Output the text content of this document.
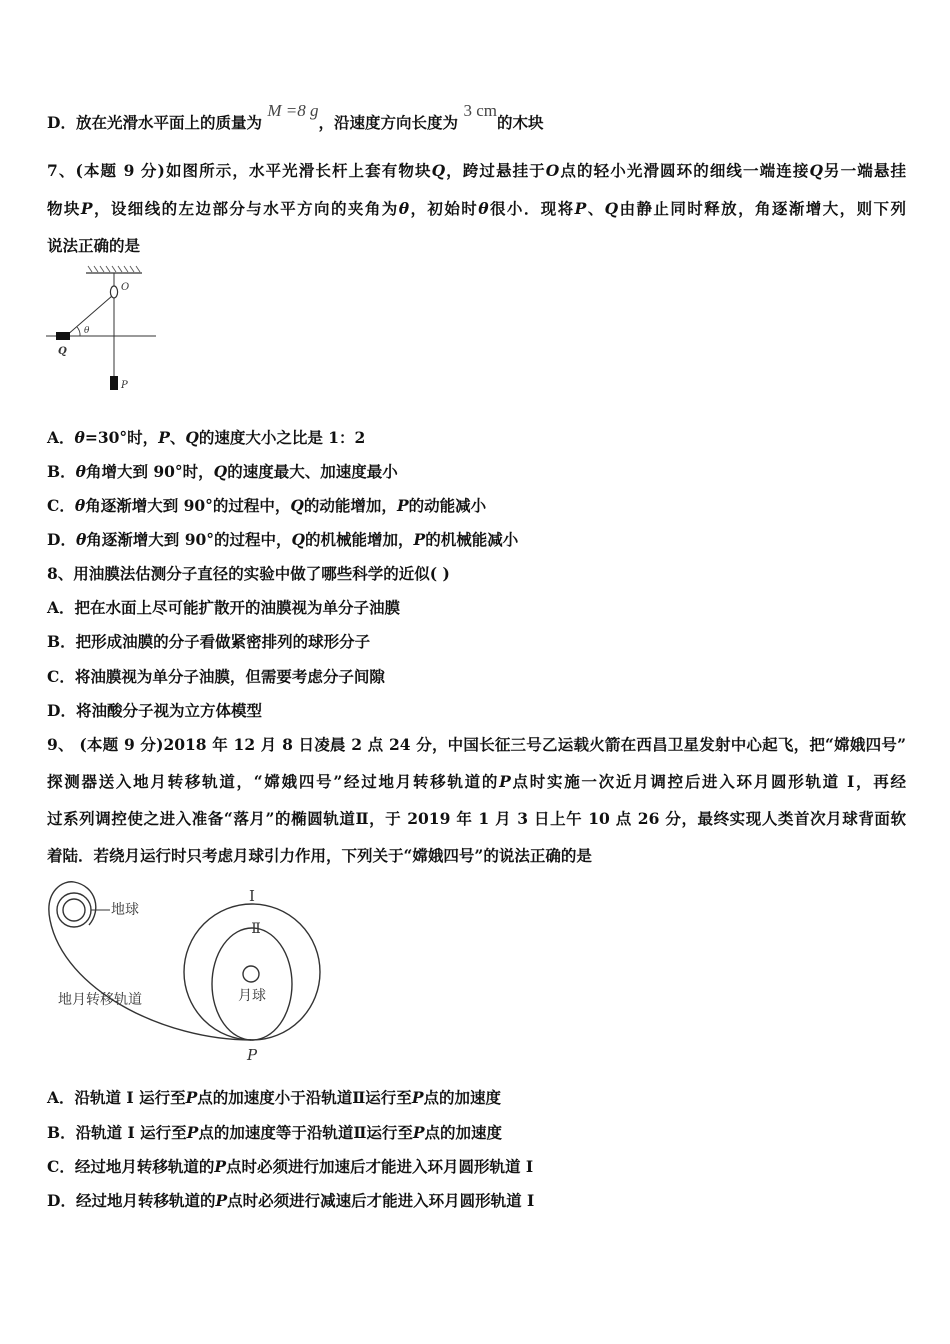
D．放在光滑水平面上的质量为 M =8 g，沿速度方向长度为 3 cm的木块
7、(本题 9 分)如图所示，水平光滑长杆上套有物块Q，跨过悬挂于O点的轻小光滑圆环的细线一端连接Q另一端悬挂
物块P，设细线的左边部分与水平方向的夹角为θ，初始时θ很小．现将P、Q由静止同时释放，角逐渐增大，则下列
说法正确的是
O
θ
Q
P
A．θ=30°时，P、Q的速度大小之比是 1：2
B．θ角增大到 90°时，Q的速度最大、加速度最小
C．θ角逐渐增大到 90°的过程中，Q的动能增加，P的动能减小
D．θ角逐渐增大到 90°的过程中，Q的机械能增加，P的机械能减小
8、用油膜法估测分子直径的实验中做了哪些科学的近似( )
A．把在水面上尽可能扩散开的油膜视为单分子油膜
B．把形成油膜的分子看做紧密排列的球形分子
C．将油膜视为单分子油膜，但需要考虑分子间隙
D．将油酸分子视为立方体模型
9、 (本题 9 分)2018 年 12 月 8 日凌晨 2 点 24 分，中国长征三号乙运载火箭在西昌卫星发射中心起飞，把“嫦娥四号”
探测器送入地月转移轨道，“嫦娥四号”经过地月转移轨道的P点时实施一次近月调控后进入环月圆形轨道 I，再经
过系列调控使之进入准备“落月”的椭圆轨道Ⅱ，于 2019 年 1 月 3 日上午 10 点 26 分，最终实现人类首次月球背面软
着陆．若绕月运行时只考虑月球引力作用，下列关于“嫦娥四号”的说法正确的是
地球
I
Ⅱ
月球
地月转移轨道
P
A．沿轨道 I 运行至P点的加速度小于沿轨道Ⅱ运行至P点的加速度
B．沿轨道 I 运行至P点的加速度等于沿轨道Ⅱ运行至P点的加速度
C．经过地月转移轨道的P点时必须进行加速后才能进入环月圆形轨道 I
D．经过地月转移轨道的P点时必须进行减速后才能进入环月圆形轨道 I
